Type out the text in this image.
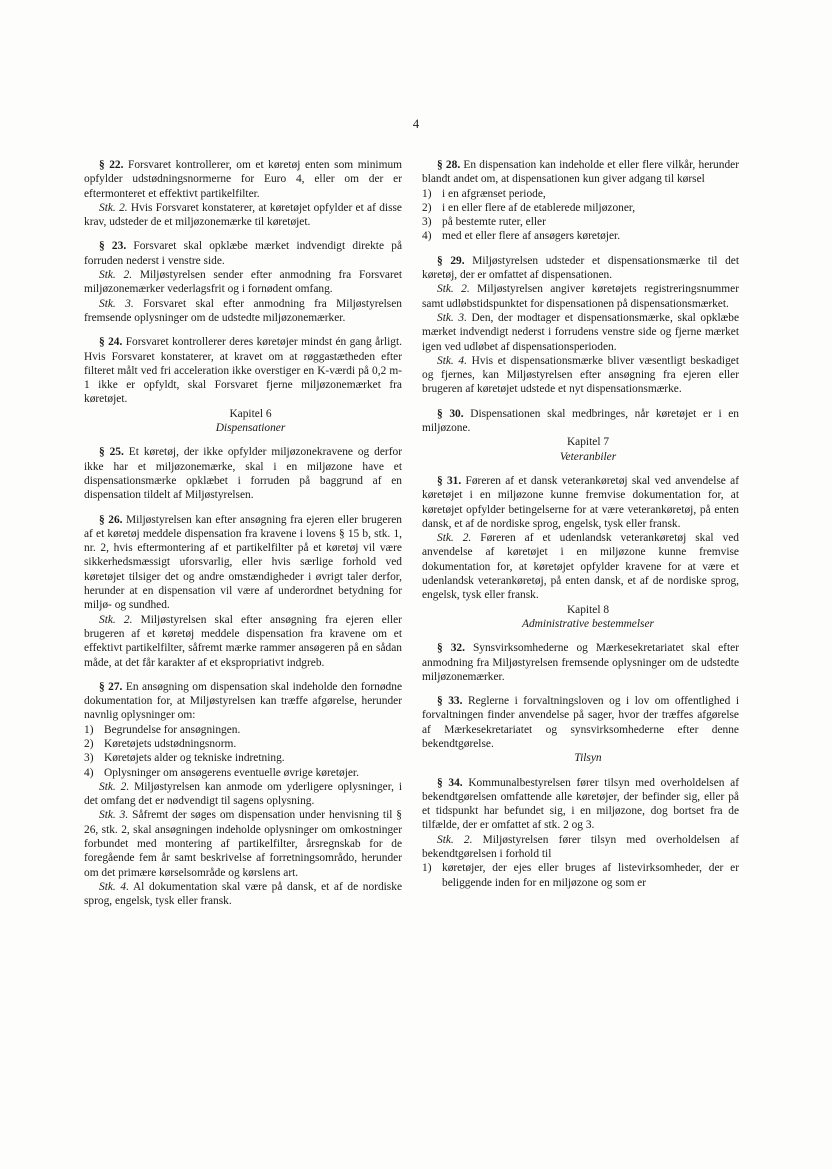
4

§ 22. Forsvaret kontrollerer, om et køretøj enten som minimum opfylder udstødningsnormerne for Euro 4, eller om der er eftermonteret et effektivt partikelfilter.

Stk. 2. Hvis Forsvaret konstaterer, at køretøjet opfylder et af disse krav, udsteder de et miljøzonemærke til køretøjet.

§ 23. Forsvaret skal opklæbe mærket indvendigt direkte på forruden nederst i venstre side.

Stk. 2. Miljøstyrelsen sender efter anmodning fra Forsvaret miljøzonemærker vederlagsfrit og i fornødent omfang.

Stk. 3. Forsvaret skal efter anmodning fra Miljøstyrelsen fremsende oplysninger om de udstedte miljøzonemærker.

§ 24. Forsvaret kontrollerer deres køretøjer mindst én gang årligt. Hvis Forsvaret konstaterer, at kravet om at røggastætheden efter filteret målt ved fri acceleration ikke overstiger en K-værdi på 0,2 m-1 ikke er opfyldt, skal Forsvaret fjerne miljøzonemærket fra køretøjet.

Kapitel 6

Dispensationer

§ 25. Et køretøj, der ikke opfylder miljøzonekravene og derfor ikke har et miljøzonemærke, skal i en miljøzone have et dispensationsmærke opklæbet i forruden på baggrund af en dispensation tildelt af Miljøstyrelsen.

§ 26. Miljøstyrelsen kan efter ansøgning fra ejeren eller brugeren af et køretøj meddele dispensation fra kravene i lovens § 15 b, stk. 1, nr. 2, hvis eftermontering af et partikelfilter på et køretøj vil være sikkerhedsmæssigt uforsvarlig, eller hvis særlige forhold ved køretøjet tilsiger det og andre omstændigheder i øvrigt taler derfor, herunder at en dispensation vil være af underordnet betydning for miljø- og sundhed.

Stk. 2. Miljøstyrelsen skal efter ansøgning fra ejeren eller brugeren af et køretøj meddele dispensation fra kravene om et effektivt partikelfilter, såfremt mærke rammer ansøgeren på en sådan måde, at det får karakter af et ekspropriativt indgreb.

§ 27. En ansøgning om dispensation skal indeholde den fornødne dokumentation for, at Miljøstyrelsen kan træffe afgørelse, herunder navnlig oplysninger om:

1) Begrundelse for ansøgningen.
2) Køretøjets udstødningsnorm.
3) Køretøjets alder og tekniske indretning.
4) Oplysninger om ansøgerens eventuelle øvrige køretøjer.

Stk. 2. Miljøstyrelsen kan anmode om yderligere oplysninger, i det omfang det er nødvendigt til sagens oplysning.

Stk. 3. Såfremt der søges om dispensation under henvisning til § 26, stk. 2, skal ansøgningen indeholde oplysninger om omkostninger forbundet med montering af partikelfilter, årsregnskab for de foregående fem år samt beskrivelse af forretningsområdo, herunder om det primære kørselsområde og kørslens art.

Stk. 4. Al dokumentation skal være på dansk, et af de nordiske sprog, engelsk, tysk eller fransk.

§ 28. En dispensation kan indeholde et eller flere vilkår, herunder blandt andet om, at dispensationen kun giver adgang til kørsel

1) i en afgrænset periode,
2) i en eller flere af de etablerede miljøzoner,
3) på bestemte ruter, eller
4) med et eller flere af ansøgers køretøjer.

§ 29. Miljøstyrelsen udsteder et dispensationsmærke til det køretøj, der er omfattet af dispensationen.

Stk. 2. Miljøstyrelsen angiver køretøjets registreringsnummer samt udløbstidspunktet for dispensationen på dispensationsmærket.

Stk. 3. Den, der modtager et dispensationsmærke, skal opklæbe mærket indvendigt nederst i forrudens venstre side og fjerne mærket igen ved udløbet af dispensationsperioden.

Stk. 4. Hvis et dispensationsmærke bliver væsentligt beskadiget og fjernes, kan Miljøstyrelsen efter ansøgning fra ejeren eller brugeren af køretøjet udstede et nyt dispensationsmærke.

§ 30. Dispensationen skal medbringes, når køretøjet er i en miljøzone.

Kapitel 7

Veteranbiler

§ 31. Føreren af et dansk veterankøretøj skal ved anvendelse af køretøjet i en miljøzone kunne fremvise dokumentation for, at køretøjet opfylder betingelserne for at være veterankøretøj, på enten dansk, et af de nordiske sprog, engelsk, tysk eller fransk.

Stk. 2. Føreren af et udenlandsk veterankøretøj skal ved anvendelse af køretøjet i en miljøzone kunne fremvise dokumentation for, at køretøjet opfylder kravene for at være et udenlandsk veterankøretøj, på enten dansk, et af de nordiske sprog, engelsk, tysk eller fransk.

Kapitel 8

Administrative bestemmelser

§ 32. Synsvirksomhederne og Mærkesekretariatet skal efter anmodning fra Miljøstyrelsen fremsende oplysninger om de udstedte miljøzonemærker.

§ 33. Reglerne i forvaltningsloven og i lov om offentlighed i forvaltningen finder anvendelse på sager, hvor der træffes afgørelse af Mærkesekretariatet og synsvirksomhederne efter denne bekendtgørelse.

Tilsyn

§ 34. Kommunalbestyrelsen fører tilsyn med overholdelsen af bekendtgørelsen omfattende alle køretøjer, der befinder sig, eller på et tidspunkt har befundet sig, i en miljøzone, dog bortset fra de tilfælde, der er omfattet af stk. 2 og 3.

Stk. 2. Miljøstyrelsen fører tilsyn med overholdelsen af bekendtgørelsen i forhold til

1) køretøjer, der ejes eller bruges af listevirksomheder, der er beliggende inden for en miljøzone og som er
